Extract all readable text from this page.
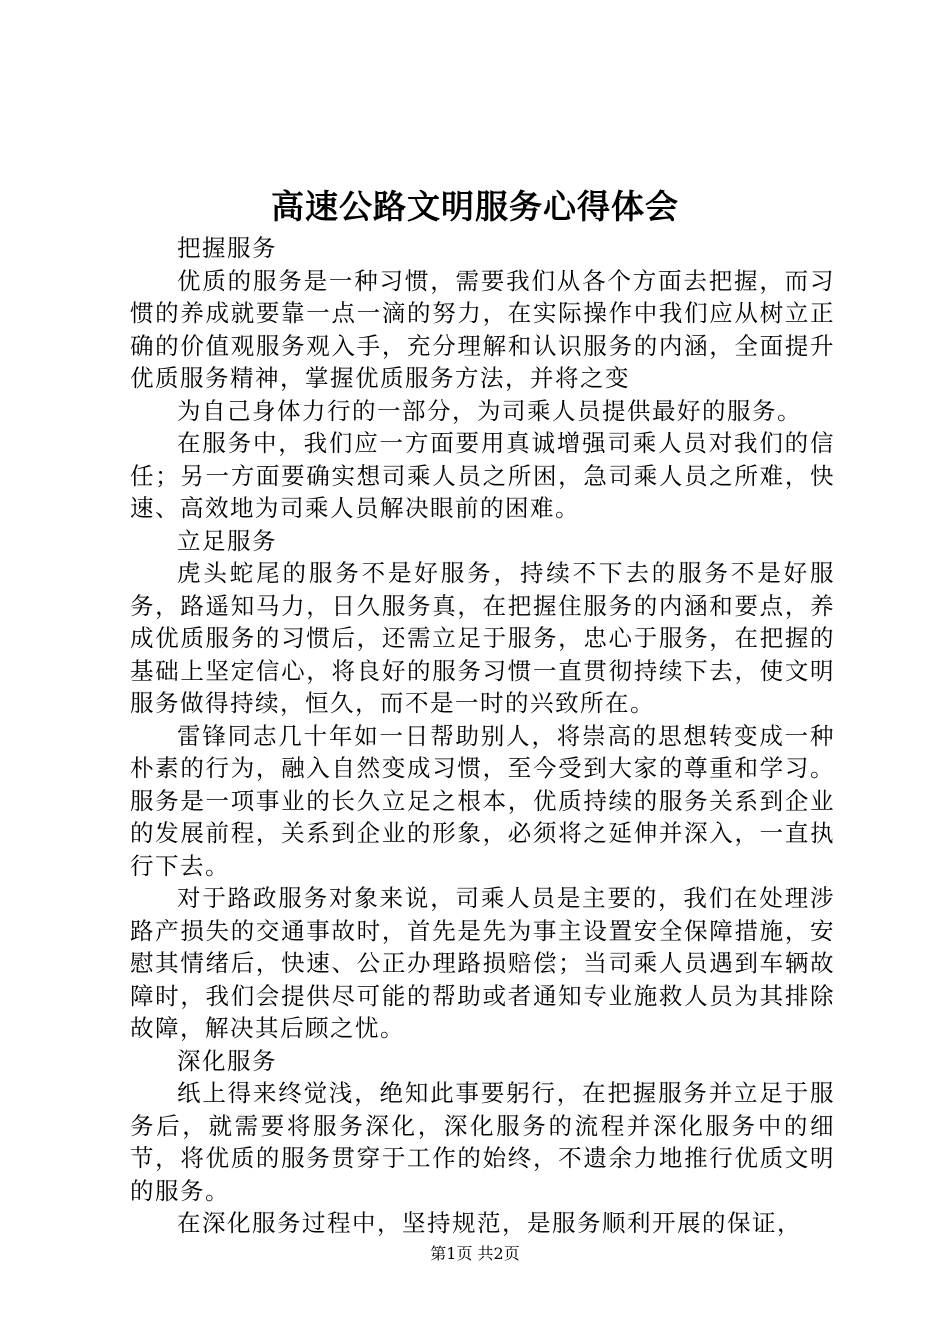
高速公路文明服务心得体会

把握服务

优质的服务是一种习惯，需要我们从各个方面去把握，而习惯的养成就要靠一点一滴的努力，在实际操作中我们应从树立正确的价值观服务观入手，充分理解和认识服务的内涵，全面提升优质服务精神，掌握优质服务方法，并将之变

为自己身体力行的一部分，为司乘人员提供最好的服务。

在服务中，我们应一方面要用真诚增强司乘人员对我们的信任；另一方面要确实想司乘人员之所困，急司乘人员之所难，快速、高效地为司乘人员解决眼前的困难。

立足服务

虎头蛇尾的服务不是好服务，持续不下去的服务不是好服务，路遥知马力，日久服务真，在把握住服务的内涵和要点，养成优质服务的习惯后，还需立足于服务，忠心于服务，在把握的基础上坚定信心，将良好的服务习惯一直贯彻持续下去，使文明服务做得持续，恒久，而不是一时的兴致所在。

雷锋同志几十年如一日帮助别人，将崇高的思想转变成一种朴素的行为，融入自然变成习惯，至今受到大家的尊重和学习。服务是一项事业的长久立足之根本，优质持续的服务关系到企业的发展前程，关系到企业的形象，必须将之延伸并深入，一直执行下去。

对于路政服务对象来说，司乘人员是主要的，我们在处理涉路产损失的交通事故时，首先是先为事主设置安全保障措施，安慰其情绪后，快速、公正办理路损赔偿；当司乘人员遇到车辆故障时，我们会提供尽可能的帮助或者通知专业施救人员为其排除故障，解决其后顾之忧。

深化服务

纸上得来终觉浅，绝知此事要躬行，在把握服务并立足于服务后，就需要将服务深化，深化服务的流程并深化服务中的细节，将优质的服务贯穿于工作的始终，不遗余力地推行优质文明的服务。

在深化服务过程中，坚持规范，是服务顺利开展的保证，

第1页 共2页
